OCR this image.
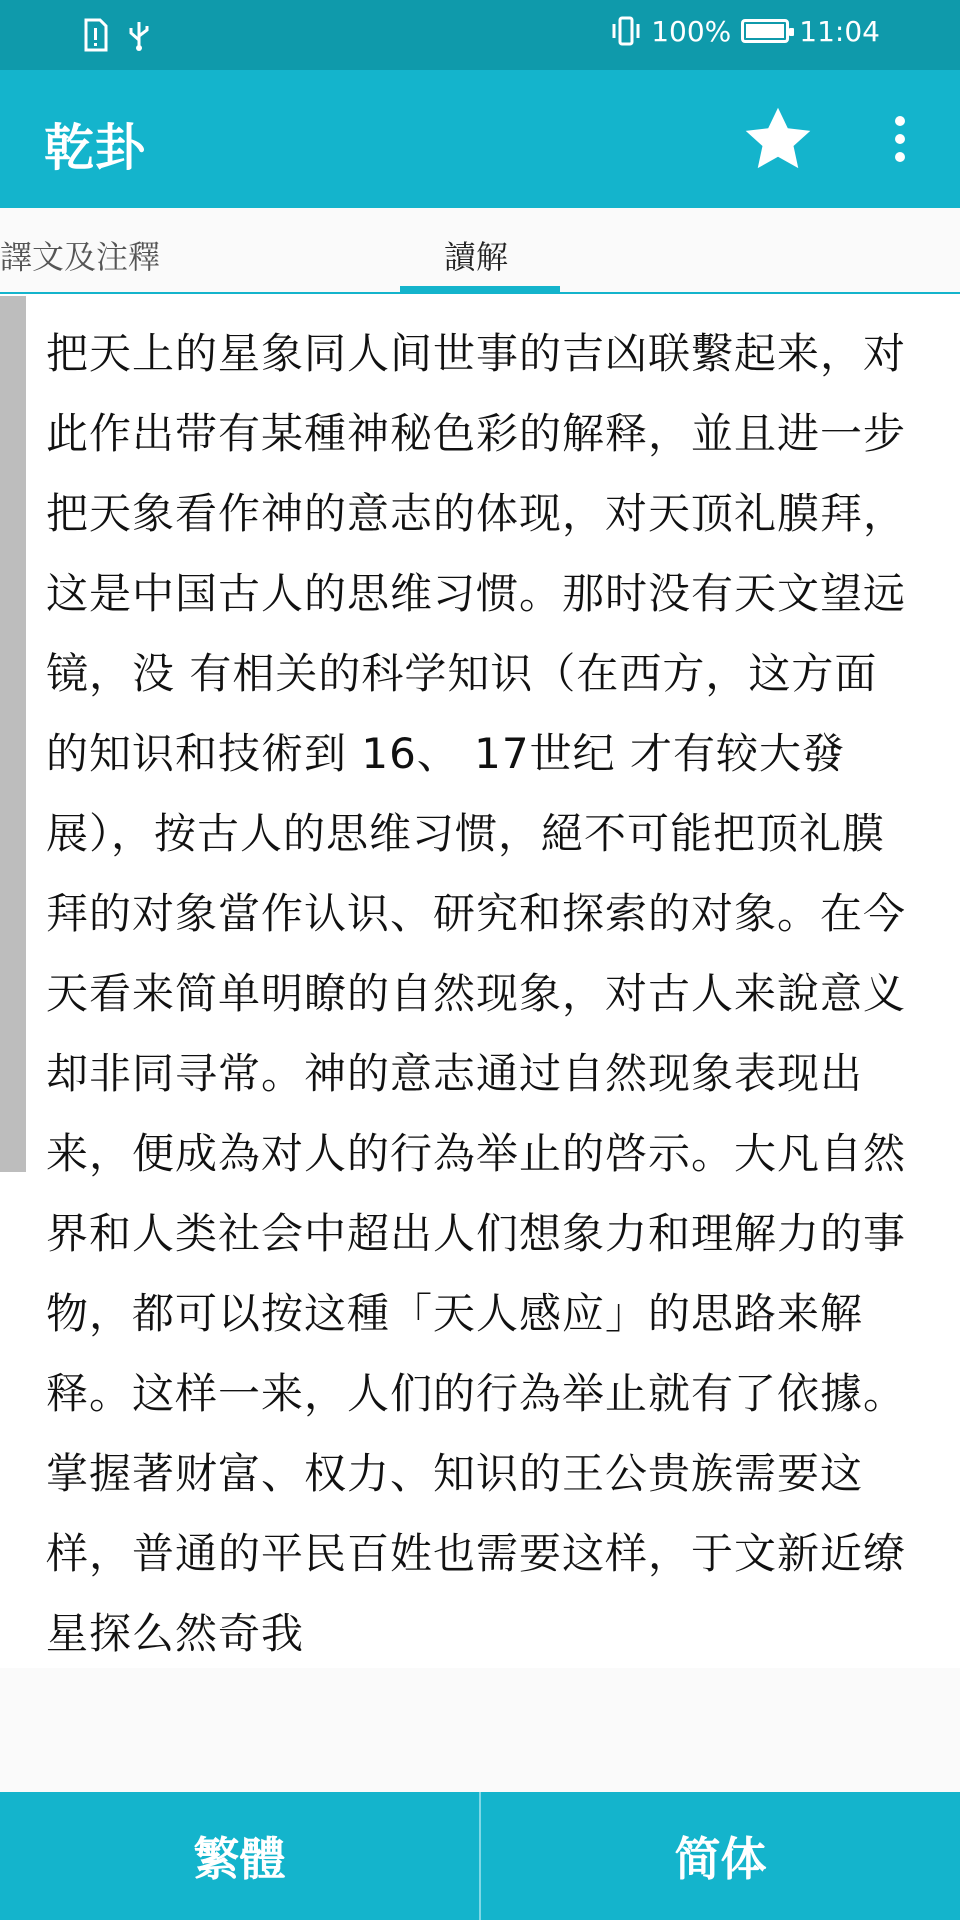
100% 11:04
乾卦
譯文及注釋	讀解
把天上的星象同人间世事的吉凶联繫起来，对此作出带有某種神秘色彩的解释，並且进一步把天象看作神的意志的体现，对天顶礼膜拜，这是中国古人的思维习惯。那时没有天文望远镜，没 有相关的科学知识（在西方，这方面的知识和技術到 16、 17世纪 才有较大發展），按古人的思维习惯，絕不可能把顶礼膜拜的对象當作认识、研究和探索的对象。在今天看来简单明瞭的自然现象，对古人来說意义却非同寻常。神的意志通过自然现象表现出来，便成為对人的行為举止的啓示。大凡自然界和人类社会中超出人们想象力和理解力的事物，都可以按这種「天人感应」的思路来解释。这样一来，人们的行為举止就有了依據。掌握著财富、权力、知识的王公贵族需要这样，普通的平民百姓也需要这样，于文新近缭星探么然奇我
繁體	简体
